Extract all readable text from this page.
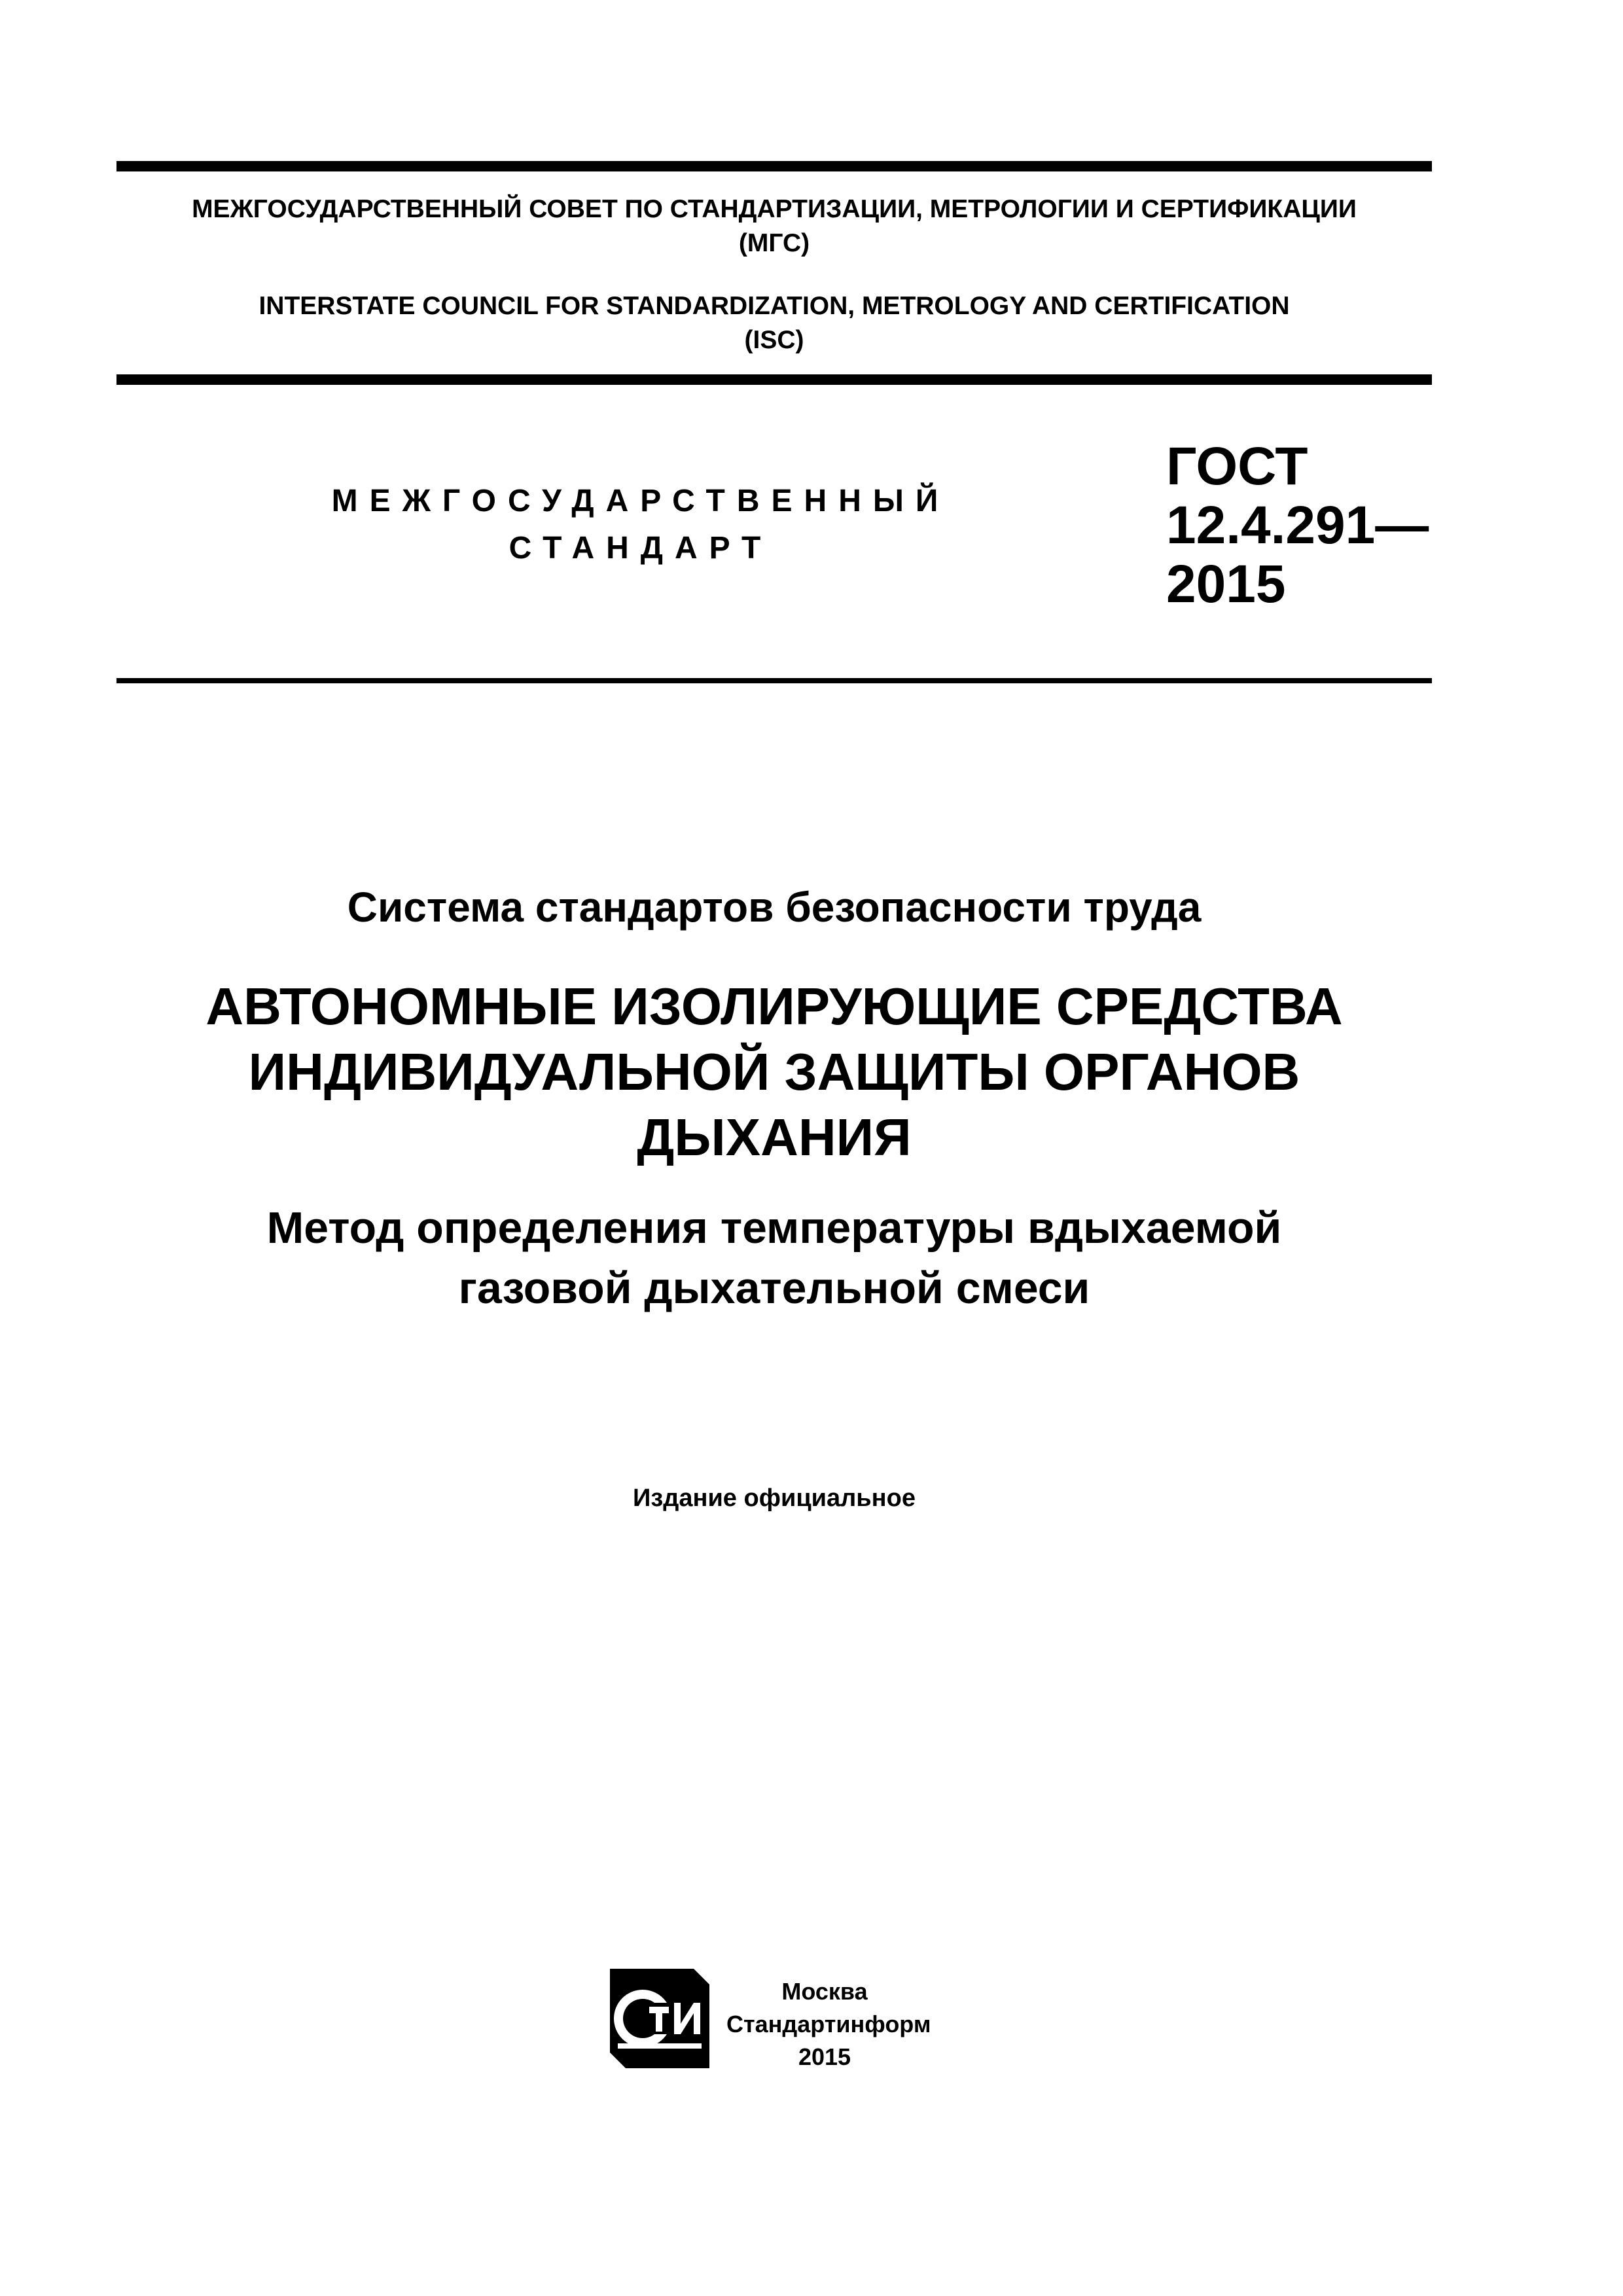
МЕЖГОСУДАРСТВЕННЫЙ СОВЕТ ПО СТАНДАРТИЗАЦИИ, МЕТРОЛОГИИ И СЕРТИФИКАЦИИ
(МГС)
INTERSTATE COUNCIL FOR STANDARDIZATION, METROLOGY AND CERTIFICATION
(ISC)
МЕЖГОСУДАРСТВЕННЫЙ
СТАНДАРТ
ГОСТ
12.4.291—
2015
Система стандартов безопасности труда
АВТОНОМНЫЕ ИЗОЛИРУЮЩИЕ СРЕДСТВА
ИНДИВИДУАЛЬНОЙ ЗАЩИТЫ ОРГАНОВ
ДЫХАНИЯ
Метод определения температуры вдыхаемой
газовой дыхательной смеси
Издание официальное
Москва
Стандартинформ
2015
